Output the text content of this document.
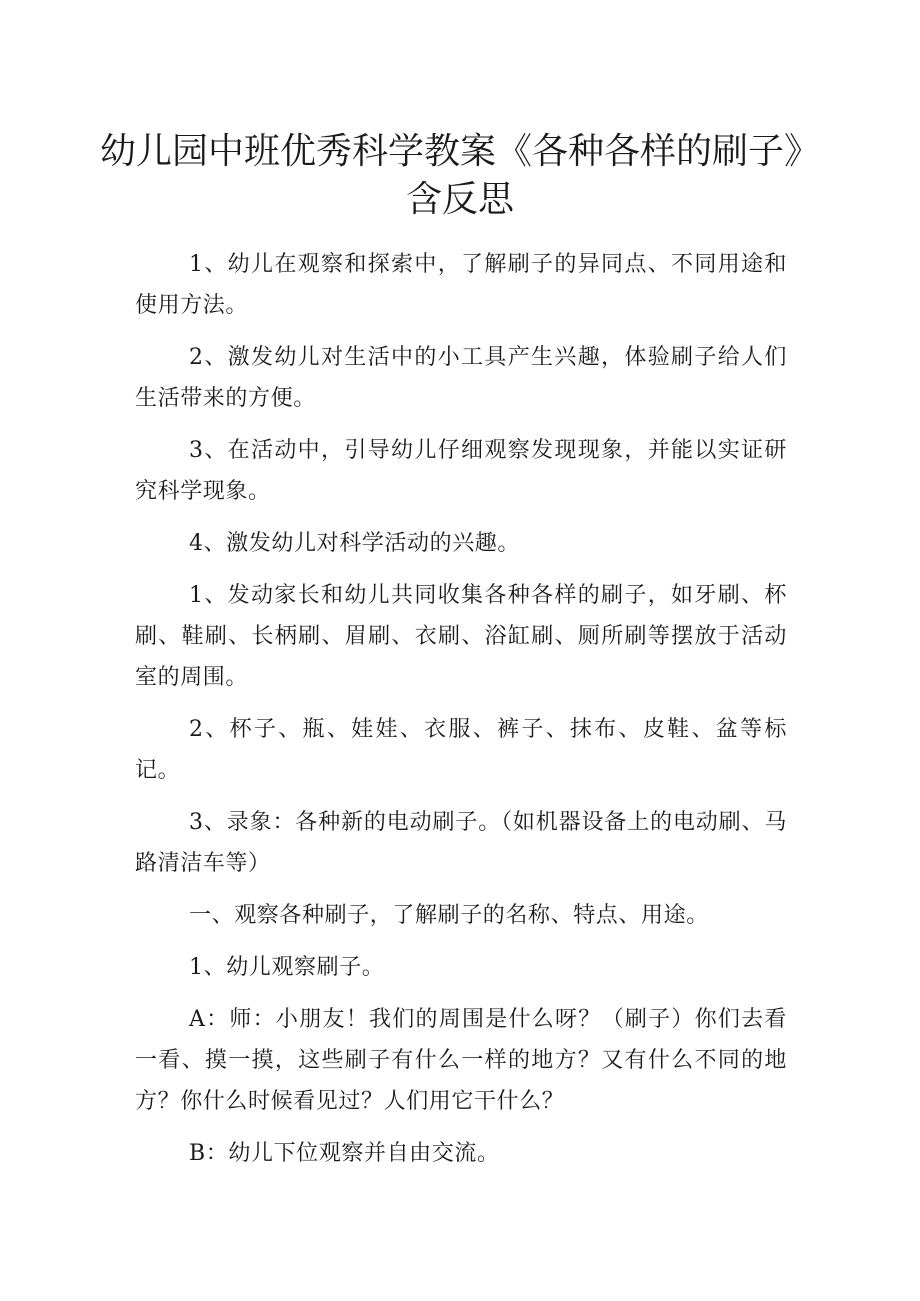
幼儿园中班优秀科学教案《各种各样的刷子》
含反思

1、幼儿在观察和探索中，了解刷子的异同点、不同用途和使用方法。

2、激发幼儿对生活中的小工具产生兴趣，体验刷子给人们生活带来的方便。

3、在活动中，引导幼儿仔细观察发现现象，并能以实证研究科学现象。

4、激发幼儿对科学活动的兴趣。

1、发动家长和幼儿共同收集各种各样的刷子，如牙刷、杯刷、鞋刷、长柄刷、眉刷、衣刷、浴缸刷、厕所刷等摆放于活动室的周围。

2、杯子、瓶、娃娃、衣服、裤子、抹布、皮鞋、盆等标记。

3、录象：各种新的电动刷子。（如机器设备上的电动刷、马路清洁车等）

一、观察各种刷子，了解刷子的名称、特点、用途。

1、幼儿观察刷子。

A：师：小朋友！我们的周围是什么呀？（刷子）你们去看一看、摸一摸，这些刷子有什么一样的地方？又有什么不同的地方？你什么时候看见过？人们用它干什么？

B：幼儿下位观察并自由交流。
